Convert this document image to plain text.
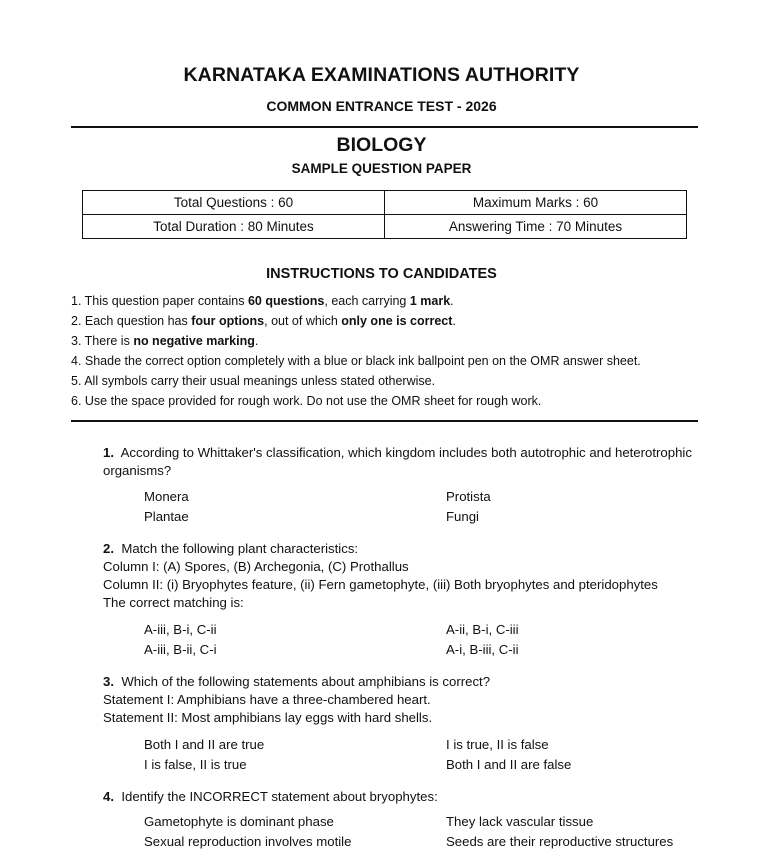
KARNATAKA EXAMINATIONS AUTHORITY
COMMON ENTRANCE TEST - 2026
BIOLOGY
SAMPLE QUESTION PAPER
Total Questions : 60	Maximum Marks : 60
Total Duration : 80 Minutes	Answering Time : 70 Minutes
INSTRUCTIONS TO CANDIDATES
1. This question paper contains 60 questions, each carrying 1 mark.
2. Each question has four options, out of which only one is correct.
3. There is no negative marking.
4. Shade the correct option completely with a blue or black ink ballpoint pen on the OMR answer sheet.
5. All symbols carry their usual meanings unless stated otherwise.
6. Use the space provided for rough work. Do not use the OMR sheet for rough work.
1. According to Whittaker's classification, which kingdom includes both autotrophic and heterotrophic
organisms?
Monera	Protista
Plantae	Fungi
2. Match the following plant characteristics:
Column I: (A) Spores, (B) Archegonia, (C) Prothallus
Column II: (i) Bryophytes feature, (ii) Fern gametophyte, (iii) Both bryophytes and pteridophytes
The correct matching is:
A-iii, B-i, C-ii	A-ii, B-i, C-iii
A-iii, B-ii, C-i	A-i, B-iii, C-ii
3. Which of the following statements about amphibians is correct?
Statement I: Amphibians have a three-chambered heart.
Statement II: Most amphibians lay eggs with hard shells.
Both I and II are true	I is true, II is false
I is false, II is true	Both I and II are false
4. Identify the INCORRECT statement about bryophytes:
Gametophyte is dominant phase	They lack vascular tissue
Sexual reproduction involves motile	Seeds are their reproductive structures
